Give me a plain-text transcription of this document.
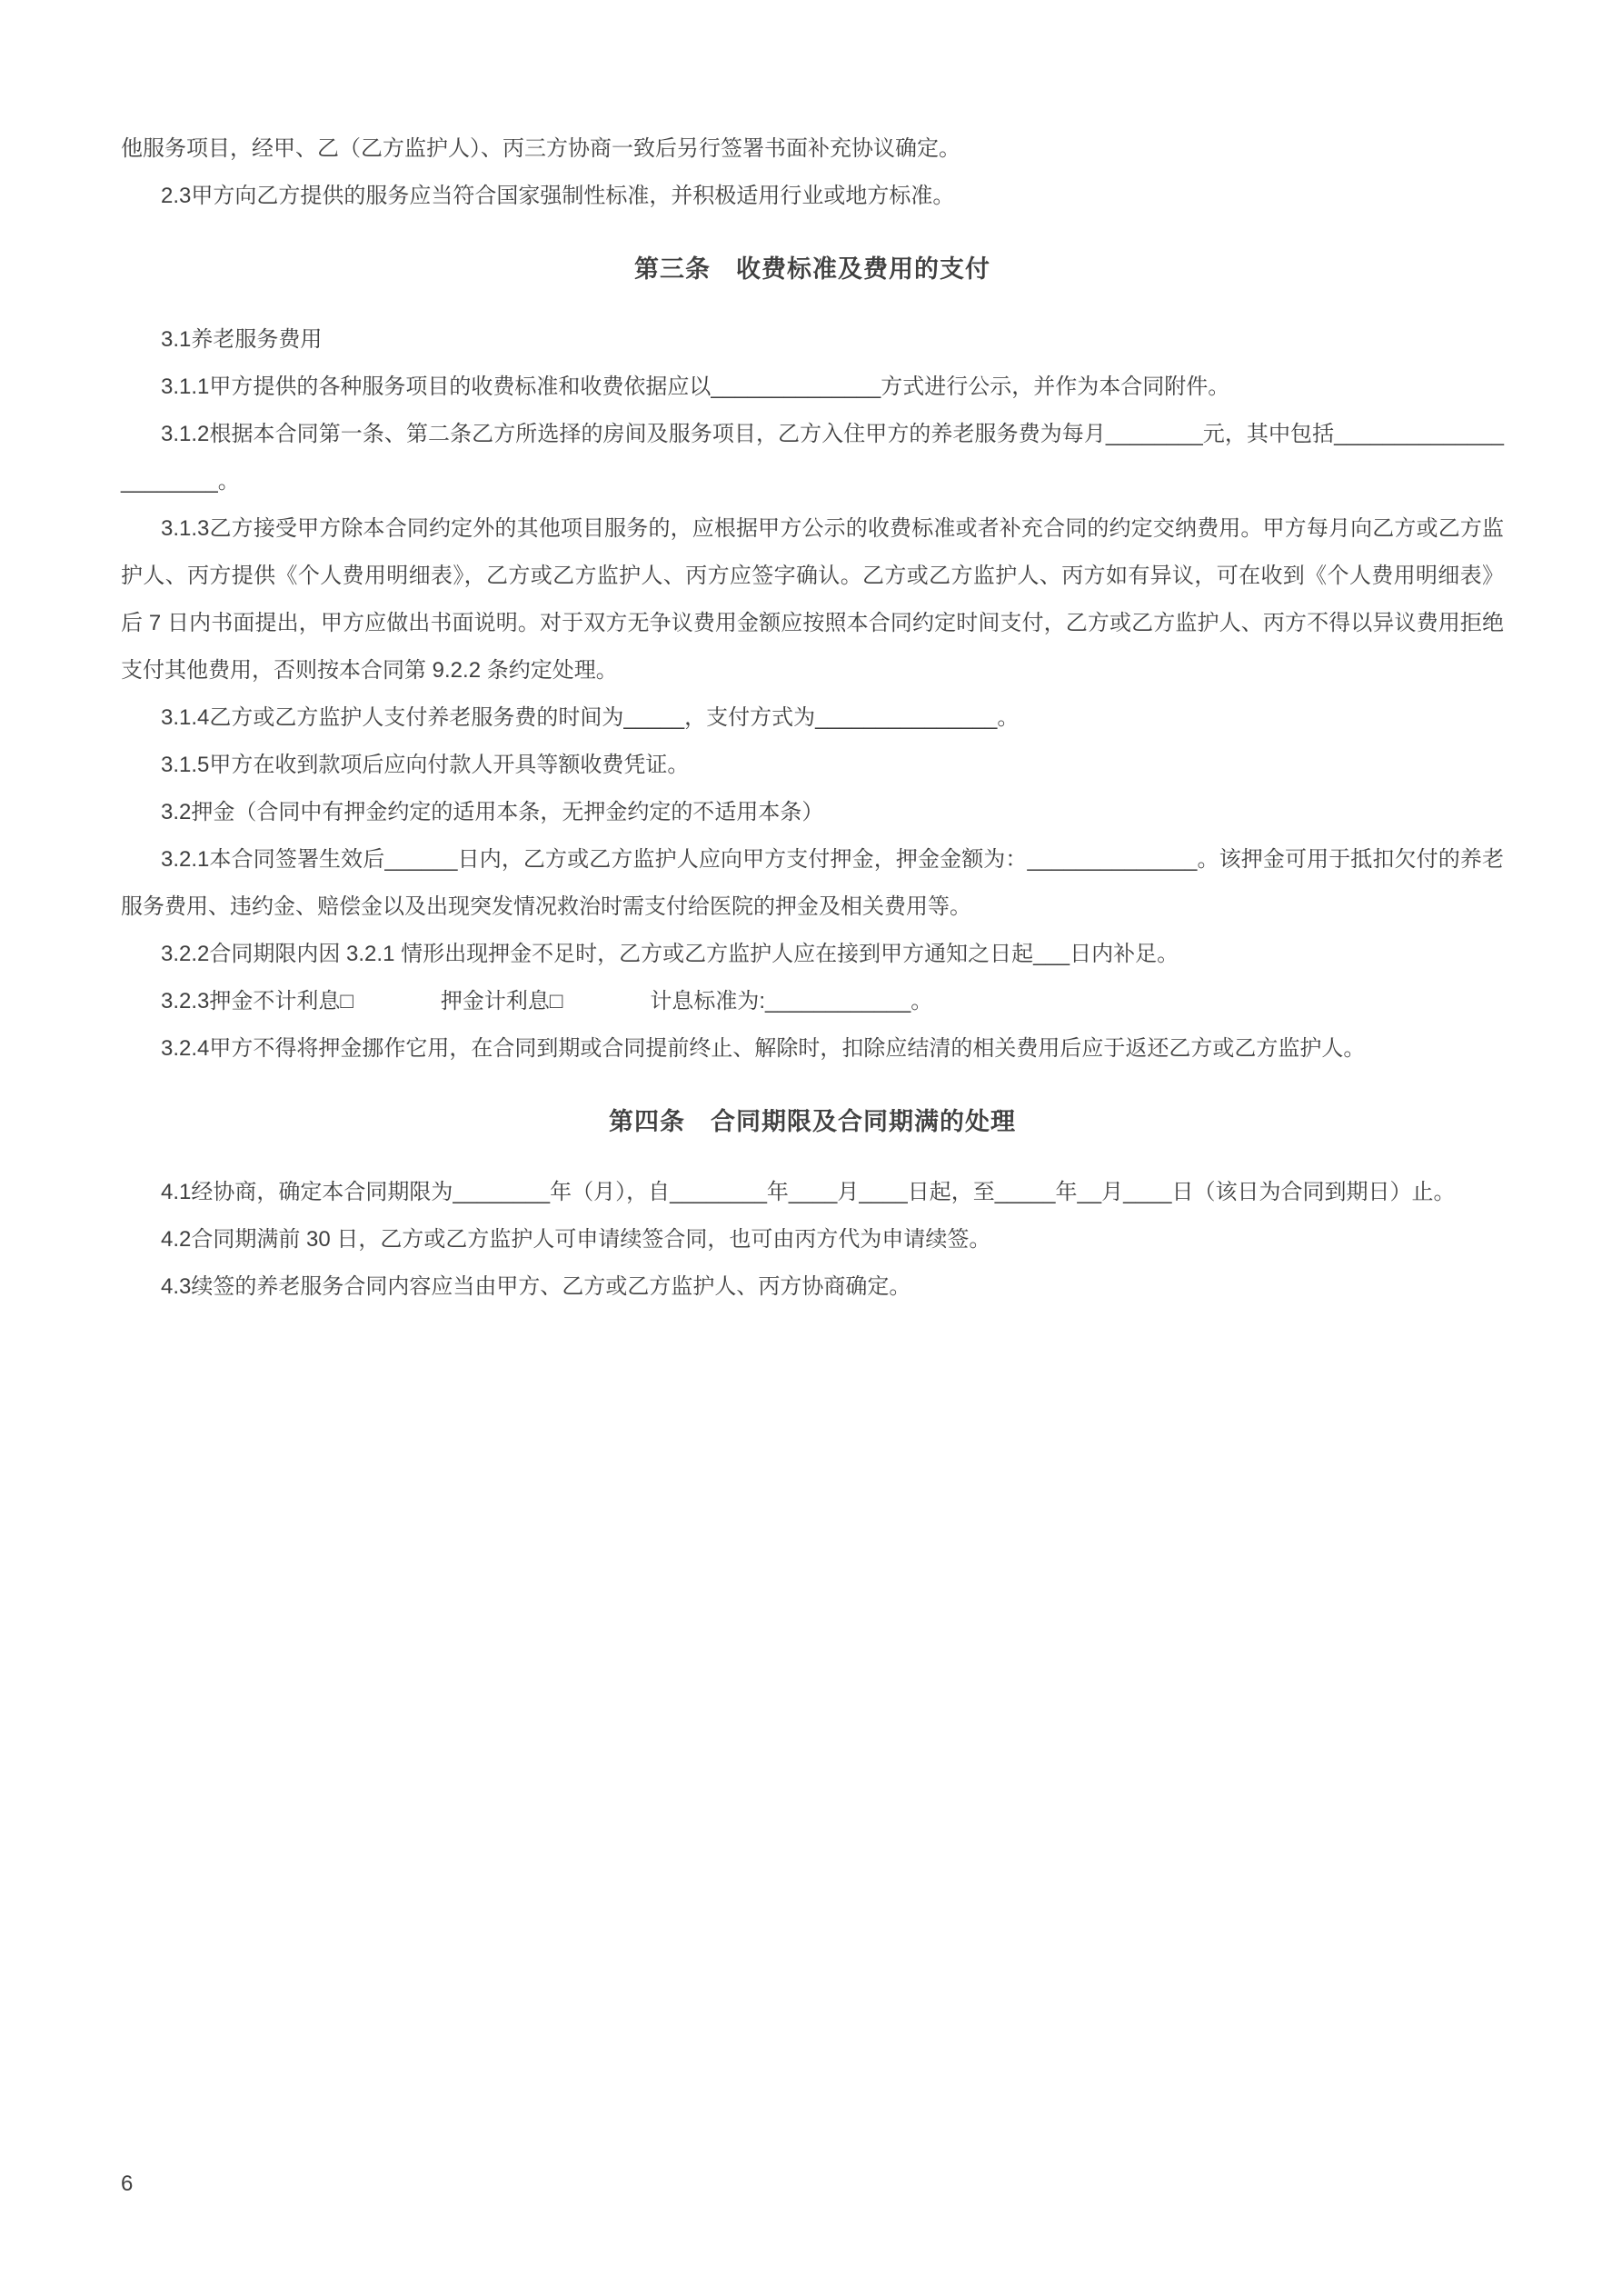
他服务项目，经甲、乙（乙方监护人）、丙三方协商一致后另行签署书面补充协议确定。

2.3甲方向乙方提供的服务应当符合国家强制性标准，并积极适用行业或地方标准。

第三条　收费标准及费用的支付

3.1养老服务费用

3.1.1甲方提供的各种服务项目的收费标准和收费依据应以______________方式进行公示，并作为本合同附件。

3.1.2根据本合同第一条、第二条乙方所选择的房间及服务项目，乙方入住甲方的养老服务费为每月________元，其中包括______________________。

3.1.3乙方接受甲方除本合同约定外的其他项目服务的，应根据甲方公示的收费标准或者补充合同的约定交纳费用。甲方每月向乙方或乙方监护人、丙方提供《个人费用明细表》，乙方或乙方监护人、丙方应签字确认。乙方或乙方监护人、丙方如有异议，可在收到《个人费用明细表》后 7 日内书面提出，甲方应做出书面说明。对于双方无争议费用金额应按照本合同约定时间支付，乙方或乙方监护人、丙方不得以异议费用拒绝支付其他费用，否则按本合同第 9.2.2 条约定处理。

3.1.4乙方或乙方监护人支付养老服务费的时间为_____，支付方式为_______________。

3.1.5甲方在收到款项后应向付款人开具等额收费凭证。

3.2押金（合同中有押金约定的适用本条，无押金约定的不适用本条）

3.2.1本合同签署生效后______日内，乙方或乙方监护人应向甲方支付押金，押金金额为：______________。该押金可用于抵扣欠付的养老服务费用、违约金、赔偿金以及出现突发情况救治时需支付给医院的押金及相关费用等。

3.2.2合同期限内因 3.2.1 情形出现押金不足时，乙方或乙方监护人应在接到甲方通知之日起___日内补足。

3.2.3押金不计利息□　　　　押金计利息□　　　　计息标准为:____________。

3.2.4甲方不得将押金挪作它用，在合同到期或合同提前终止、解除时，扣除应结清的相关费用后应于返还乙方或乙方监护人。

第四条　合同期限及合同期满的处理

4.1经协商，确定本合同期限为________年（月），自________年____月____日起，至_____年__月____日（该日为合同到期日）止。

4.2合同期满前 30 日，乙方或乙方监护人可申请续签合同，也可由丙方代为申请续签。

4.3续签的养老服务合同内容应当由甲方、乙方或乙方监护人、丙方协商确定。

6
